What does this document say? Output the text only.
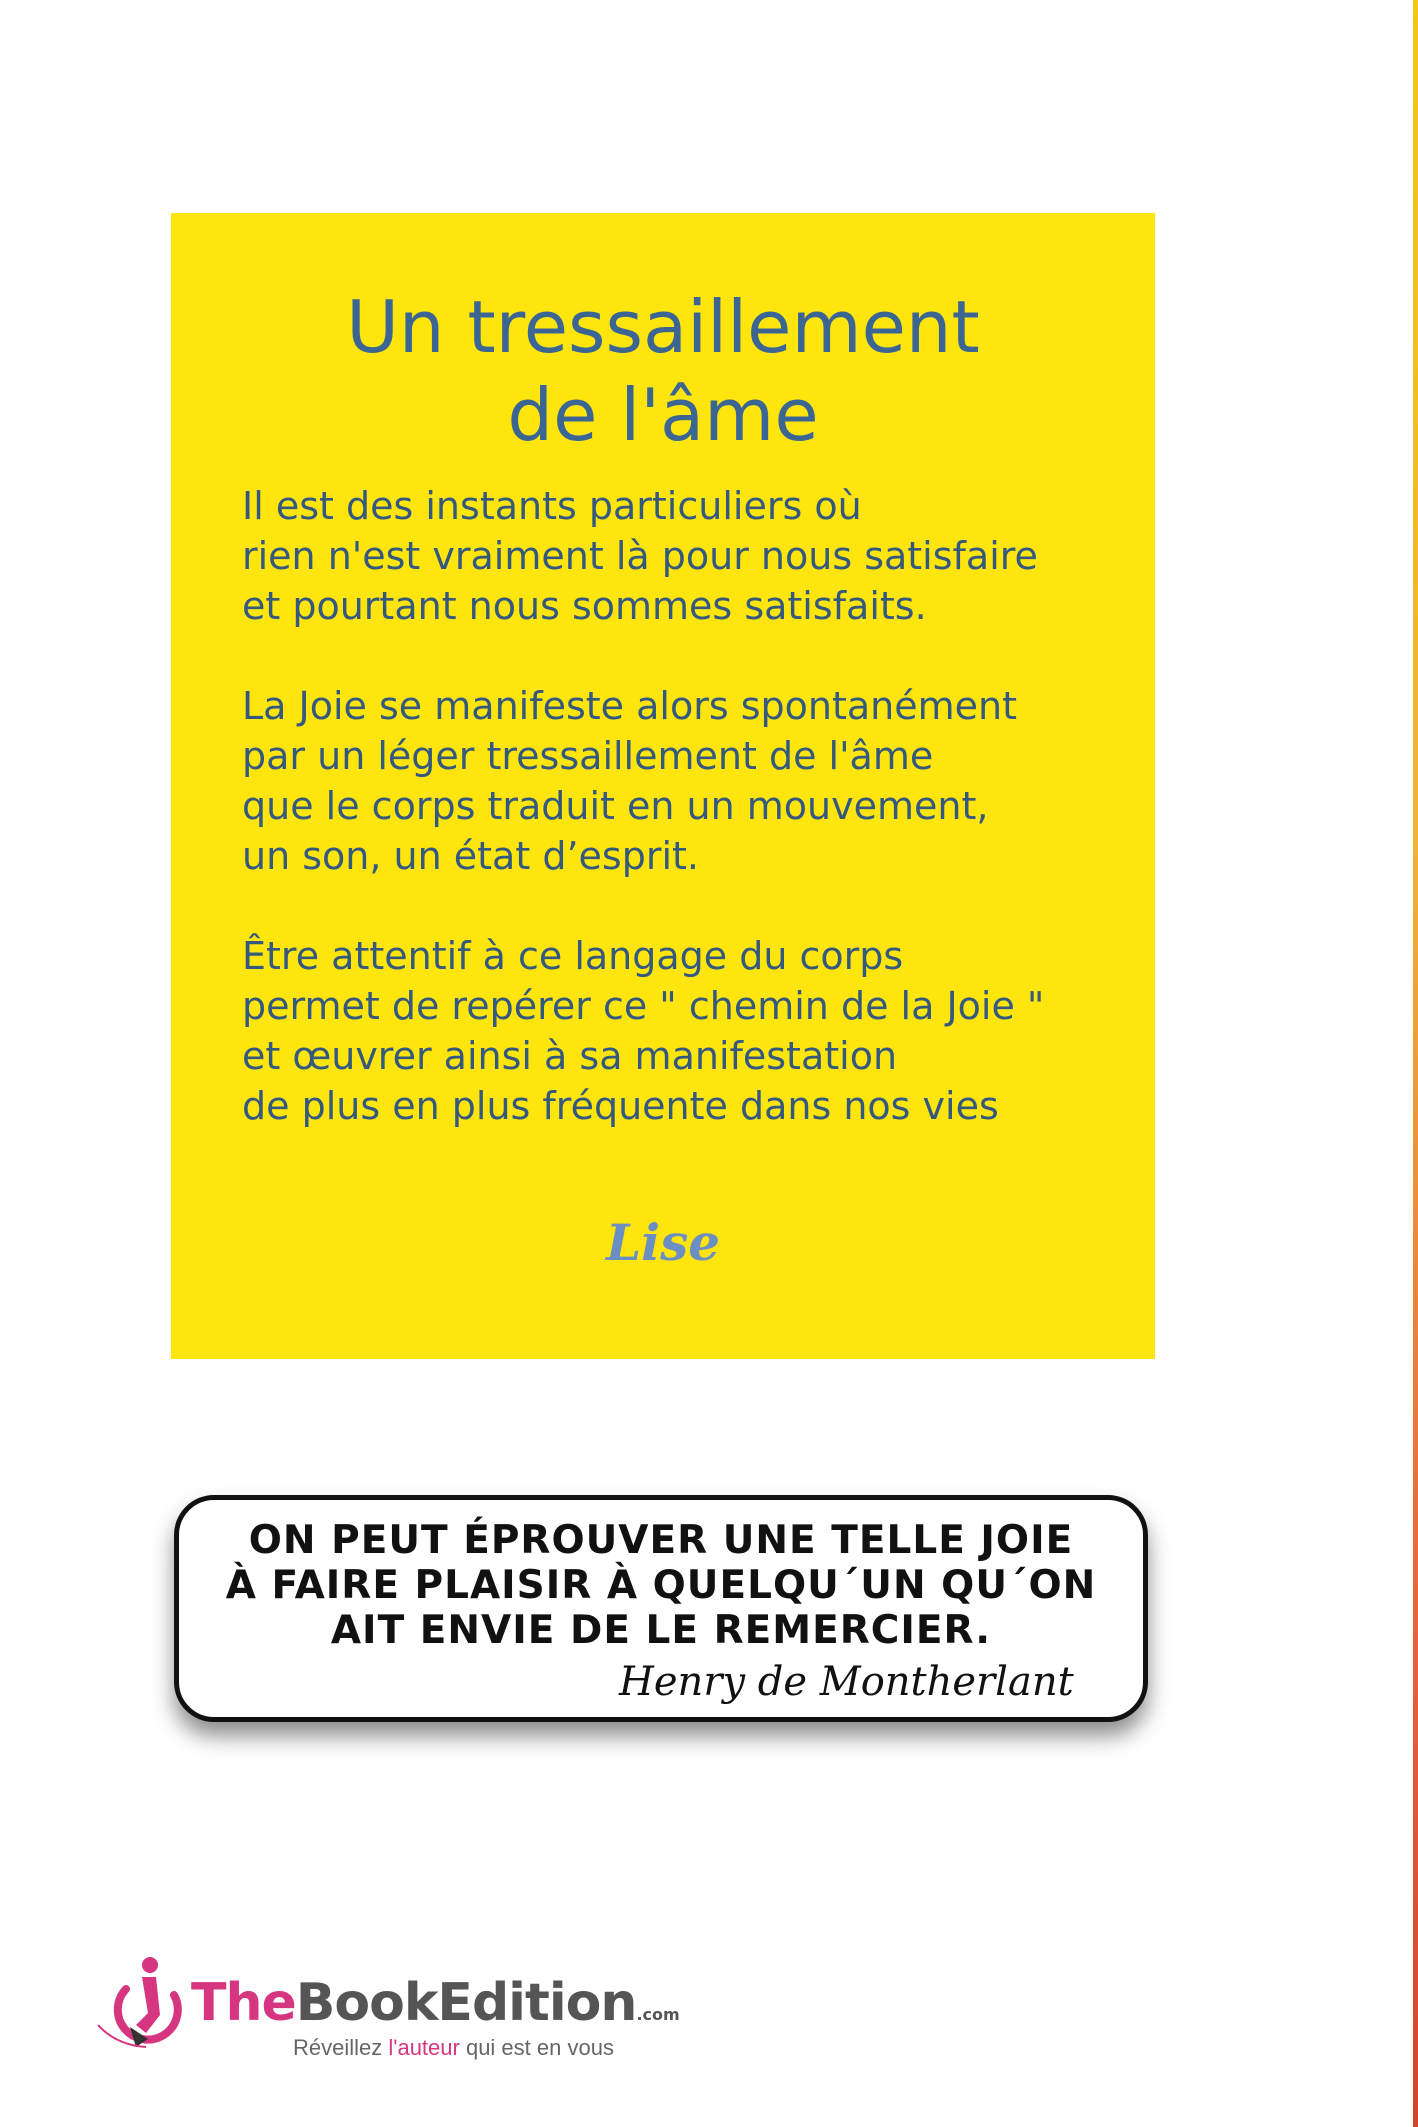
Un tressaillement
de l'âme

Il est des instants particuliers où
rien n'est vraiment là pour nous satisfaire
et pourtant nous sommes satisfaits.

La Joie se manifeste alors spontanément
par un léger tressaillement de l'âme
que le corps traduit en un mouvement,
un son, un état d’esprit.

Être attentif à ce langage du corps
permet de repérer ce " chemin de la Joie "
et œuvrer ainsi à sa manifestation
de plus en plus fréquente dans nos vies

Lise
ON PEUT ÉPROUVER UNE TELLE JOIE
À FAIRE PLAISIR À QUELQU´UN QU´ON
AIT ENVIE DE LE REMERCIER.
Henry de Montherlant
TheBookEdition.com
Réveillez l'auteur qui est en vous
